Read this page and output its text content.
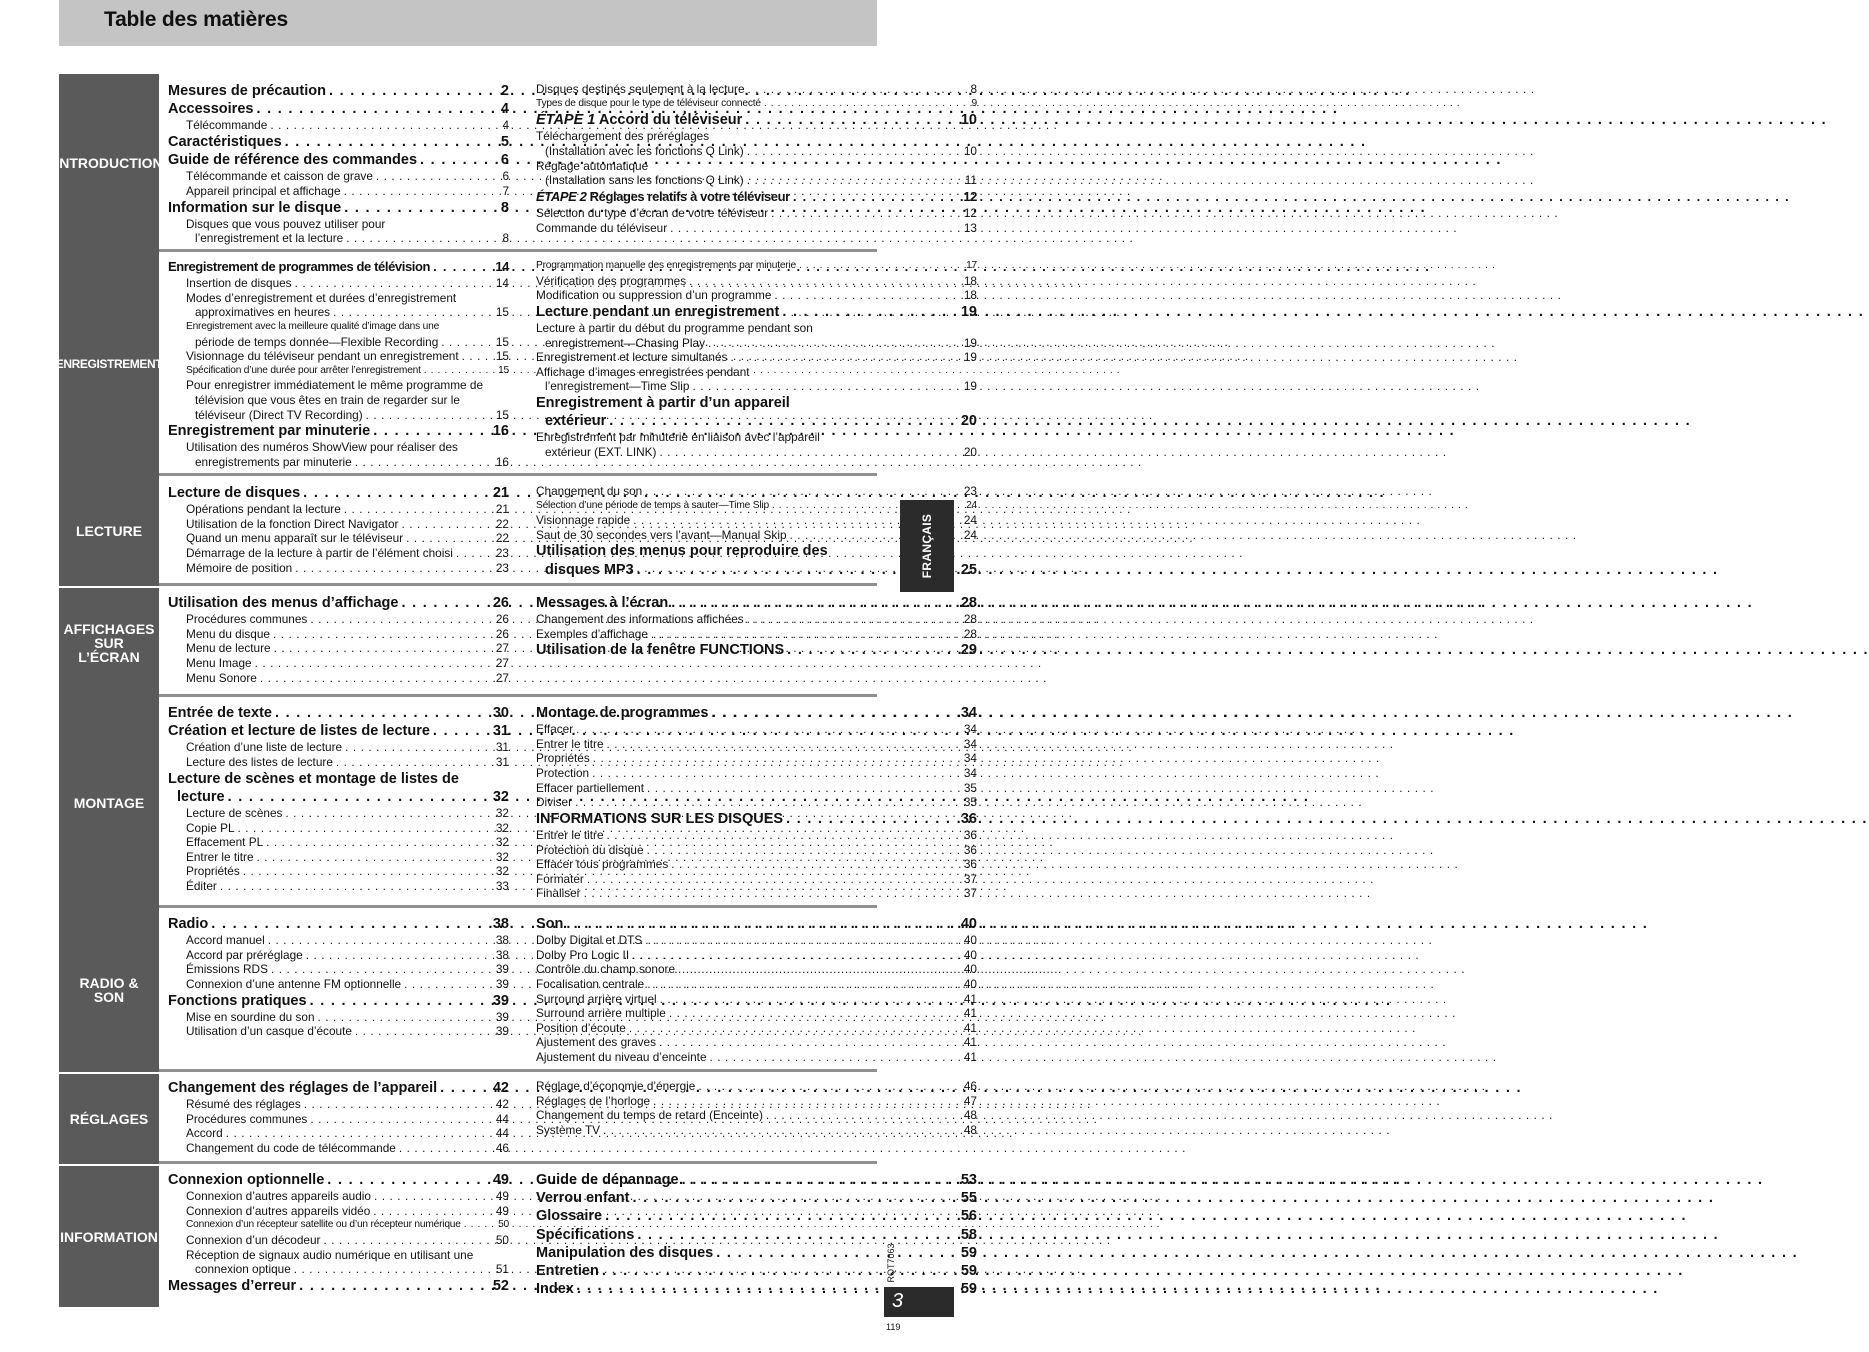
Table des matières
INTRODUCTION
Mesures de précaution . . .	2
Accessoires . . .	4
Télécommande . . .	4
Caractéristiques . . .	5
Guide de référence des commandes . . .	6
Télécommande et caisson de grave . . .	6
Appareil principal et affichage . . .	7
Information sur le disque . . .	8
Disques que vous pouvez utiliser pour
l’enregistrement et la lecture . . .	8
Disques destinés seulement à la lecture . . .	8
Types de disque pour le type de téléviseur connecté . . .	9
ÉTAPE 1 Accord du téléviseur . . .	10
Téléchargement des préréglages
(Installation avec les fonctions Q Link) . . .	10
Réglage automatique
(Installation sans les fonctions Q Link) . . .	11
ÉTAPE 2 Réglages relatifs à votre téléviseur . . .	12
Sélection du type d’écran de votre téléviseur . . .	12
Commande du téléviseur . . .	13
ENREGISTREMENT
Enregistrement de programmes de télévision . . .	14
Insertion de disques . . .	14
Modes d’enregistrement et durées d’enregistrement
approximatives en heures . . .	15
Enregistrement avec la meilleure qualité d’image dans une
période de temps donnée—Flexible Recording . . .	15
Visionnage du téléviseur pendant un enregistrement . . .	15
Spécification d’une durée pour arrêter l’enregistrement . . .	15
Pour enregistrer immédiatement le même programme de
télévision que vous êtes en train de regarder sur le
téléviseur (Direct TV Recording) . . .	15
Enregistrement par minuterie . . .	16
Utilisation des numéros ShowView pour réaliser des
enregistrements par minuterie . . .	16
Programmation manuelle des enregistrements par minuterie . . .	17
Vérification des programmes . . .	18
Modification ou suppression d’un programme . . .	18
Lecture pendant un enregistrement . . .	19
Lecture à partir du début du programme pendant son
enregistrement—Chasing Play . . .	19
Enregistrement et lecture simultanés . . .	19
Affichage d’images enregistrées pendant
l’enregistrement—Time Slip . . .	19
Enregistrement à partir d’un appareil
extérieur . . .	20
Enregistrement par minuterie en liaison avec l’appareil
extérieur (EXT. LINK) . . .	20
LECTURE
Lecture de disques . . .	21
Opérations pendant la lecture . . .	21
Utilisation de la fonction Direct Navigator . . .	22
Quand un menu apparaît sur le téléviseur . . .	22
Démarrage de la lecture à partir de l’élément choisi . . .	23
Mémoire de position . . .	23
Changement du son . . .	23
Sélection d’une période de temps à sauter—Time Slip . . .	24
Visionnage rapide . . .	24
Saut de 30 secondes vers l’avant—Manual Skip . . .	24
Utilisation des menus pour reproduire des
disques MP3 . . .	25
AFFICHAGES SUR L’ÉCRAN
Utilisation des menus d’affichage . . .	26
Procédures communes . . .	26
Menu du disque . . .	26
Menu de lecture . . .	27
Menu Image . . .	27
Menu Sonore . . .	27
Messages à l’écran . . .	28
Changement des informations affichées . . .	28
Exemples d’affichage . . .	28
Utilisation de la fenêtre FUNCTIONS . . .	29
MONTAGE
Entrée de texte . . .	30
Création et lecture de listes de lecture . . .	31
Création d’une liste de lecture . . .	31
Lecture des listes de lecture . . .	31
Lecture de scènes et montage de listes de
lecture . . .	32
Lecture de scènes . . .	32
Copie PL . . .	32
Effacement PL . . .	32
Entrer le titre . . .	32
Propriétés . . .	32
Éditer . . .	33
Montage de programmes . . .	34
Effacer . . .	34
Entrer le titre . . .	34
Propriétés . . .	34
Protection . . .	34
Effacer partiellement . . .	35
Diviser . . .	35
INFORMATIONS SUR LES DISQUES . . .	36
Entrer le titre . . .	36
Protection du disque . . .	36
Effacer tous programmes . . .	36
Formater . . .	37
Finaliser . . .	37
RADIO & SON
Radio . . .	38
Accord manuel . . .	38
Accord par préréglage . . .	38
Émissions RDS . . .	39
Connexion d’une antenne FM optionnelle . . .	39
Fonctions pratiques . . .	39
Mise en sourdine du son . . .	39
Utilisation d’un casque d’écoute . . .	39
Son . . .	40
Dolby Digital et DTS . . .	40
Dolby Pro Logic II . . .	40
Contrôle du champ sonore . . .	40
Focalisation centrale . . .	40
Surround arrière virtuel . . .	41
Surround arrière multiple . . .	41
Position d’écoute . . .	41
Ajustement des graves . . .	41
Ajustement du niveau d’enceinte . . .	41
RÉGLAGES
Changement des réglages de l’appareil . . .	42
Résumé des réglages . . .	42
Procédures communes . . .	44
Accord . . .	44
Changement du code de télécommande . . .	46
Réglage d’économie d’énergie . . .	46
Réglages de l’horloge . . .	47
Changement du temps de retard (Enceinte) . . .	48
Système TV . . .	48
INFORMATION
Connexion optionnelle . . .	49
Connexion d’autres appareils audio . . .	49
Connexion d’autres appareils vidéo . . .	49
Connexion d’un récepteur satellite ou d’un récepteur numérique . . .	50
Connexion d’un décodeur . . .	50
Réception de signaux audio numérique en utilisant une
connexion optique . . .	51
Messages d’erreur . . .	52
Guide de dépannage . . .	53
Verrou enfant . . .	55
Glossaire . . .	56
Spécifications . . .	58
Manipulation des disques . . .	59
Entretien . . .	59
Index . . .	59
FRANÇAIS
RQT7063
3
119
